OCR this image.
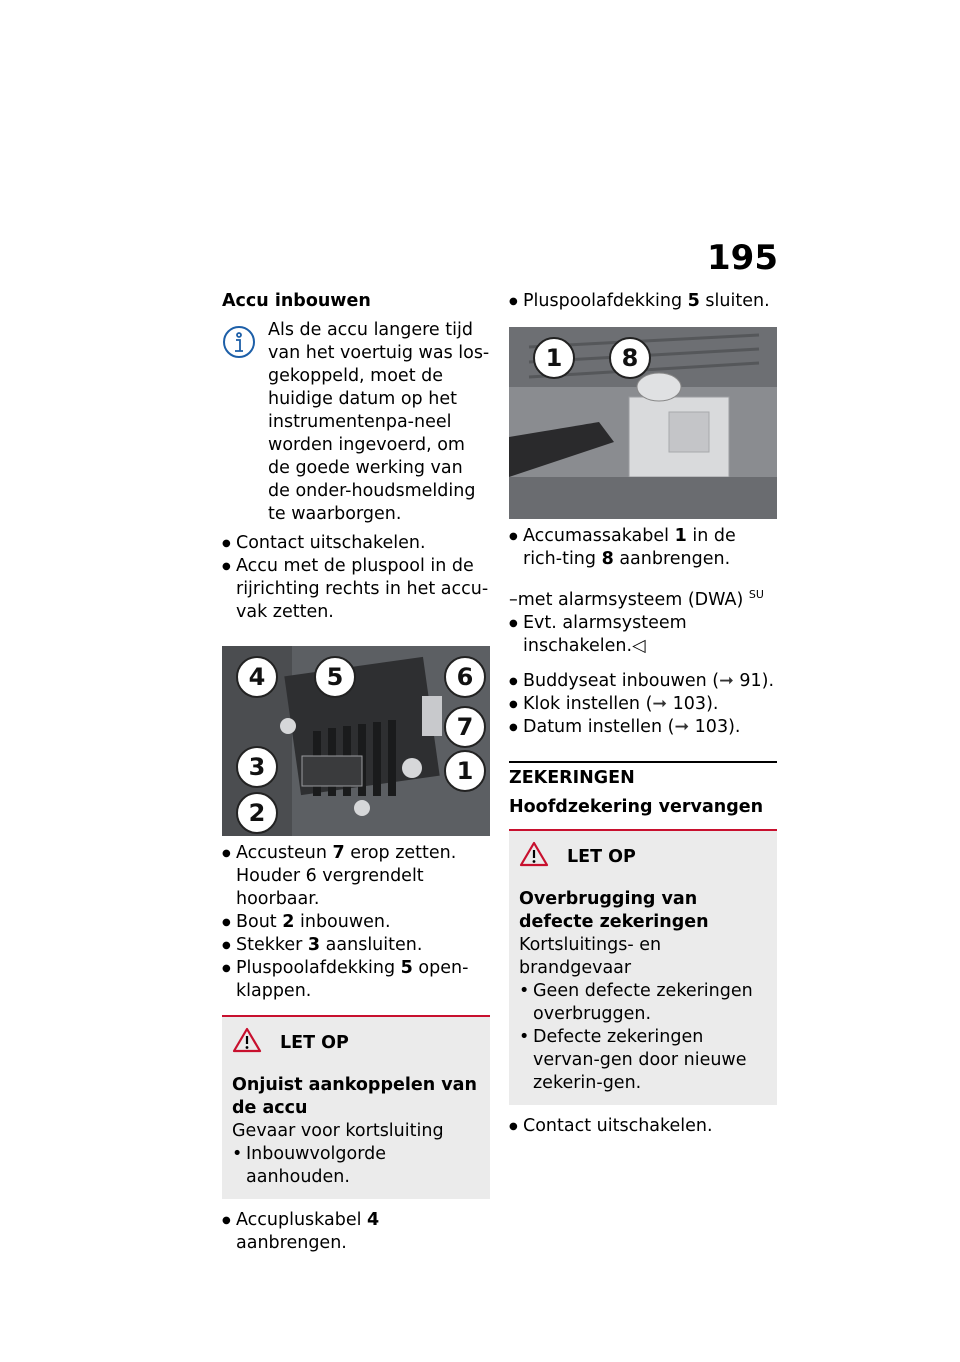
195
Accu inbouwen
Als de accu langere tijd van het voertuig was los-gekoppeld, moet de huidige datum op het instrumentenpa-neel worden ingevoerd, om de goede werking van de onder-houdsmelding te waarborgen.

● Contact uitschakelen.

● Accu met de pluspool in de rijrichting rechts in het accu-vak zetten.

4	5	6
7
3	1
2

● Accusteun 7 erop zetten. Houder 6 vergrendelt hoorbaar.

● Bout 2 inbouwen.

● Stekker 3 aansluiten.

● Pluspoolafdekking 5 open-klappen.

LET OP
Onjuist aankoppelen van de accu
Gevaar voor kortsluiting

• Inbouwvolgorde aanhouden.

● Accupluskabel 4 aanbrengen.

● Pluspoolafdekking 5 sluiten.

1	8

● Accumassakabel 1 in de rich-ting 8 aanbrengen.

–met alarmsysteem (DWA) $^{SU}$

● Evt. alarmsysteem inschakelen.◁

● Buddyseat inbouwen (➞ 91).

● Klok instellen (➞ 103).

● Datum instellen (➞ 103).

ZEKERINGEN
Hoofdzekering vervangen
LET OP
Overbrugging van defecte zekeringen
Kortsluitings- en brandgevaar

• Geen defecte zekeringen overbruggen.

• Defecte zekeringen vervan-gen door nieuwe zekerin-gen.

● Contact uitschakelen.
